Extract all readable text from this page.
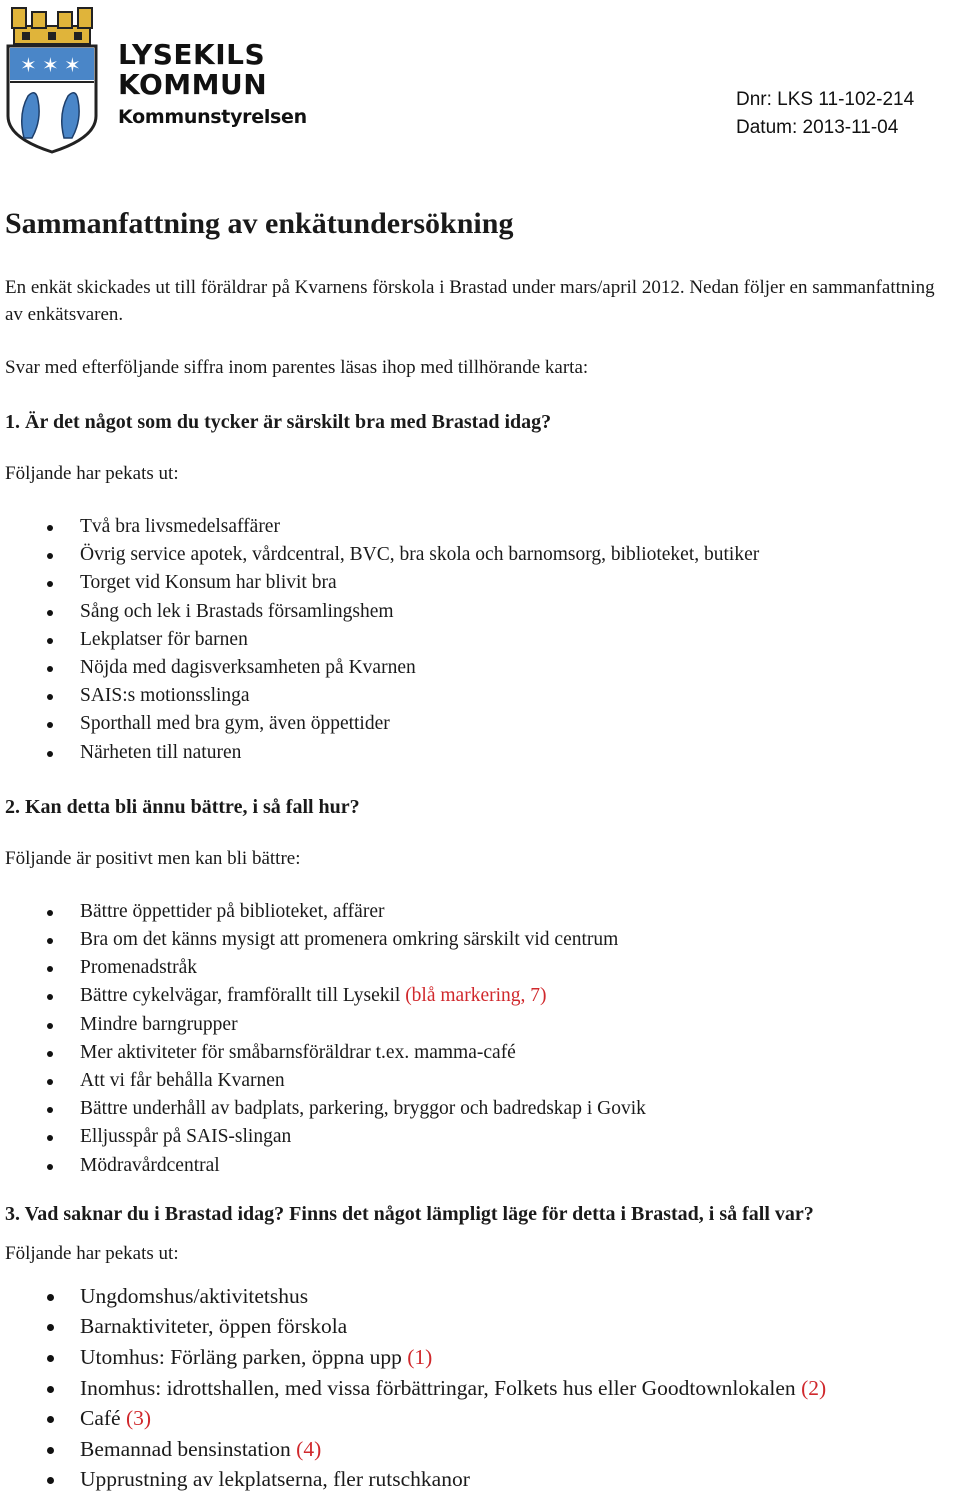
✶ ✶ ✶ LYSEKILS
KOMMUN
Kommunstyrelsen
Dnr: LKS 11-102-214
Datum: 2013-11-04
Sammanfattning av enkätundersökning

En enkät skickades ut till föräldrar på Kvarnens förskola i Brastad under mars/april 2012. Nedan följer en sammanfattning av enkätsvaren.

Svar med efterföljande siffra inom parentes läsas ihop med tillhörande karta:

1. Är det något som du tycker är särskilt bra med Brastad idag?

Följande har pekats ut:

Två bra livsmedelsaffärer
Övrig service apotek, vårdcentral, BVC, bra skola och barnomsorg, biblioteket, butiker
Torget vid Konsum har blivit bra
Sång och lek i Brastads församlingshem
Lekplatser för barnen
Nöjda med dagisverksamheten på Kvarnen
SAIS:s motionsslinga
Sporthall med bra gym, även öppettider
Närheten till naturen

2. Kan detta bli ännu bättre, i så fall hur?

Följande är positivt men kan bli bättre:

Bättre öppettider på biblioteket, affärer
Bra om det känns mysigt att promenera omkring särskilt vid centrum
Promenadstråk
Bättre cykelvägar, framförallt till Lysekil (blå markering, 7)
Mindre barngrupper
Mer aktiviteter för småbarnsföräldrar t.ex. mamma-café
Att vi får behålla Kvarnen
Bättre underhåll av badplats, parkering, bryggor och badredskap i Govik
Elljusspår på SAIS-slingan
Mödravårdcentral

3. Vad saknar du i Brastad idag? Finns det något lämpligt läge för detta i Brastad, i så fall var?

Följande har pekats ut:

Ungdomshus/aktivitetshus
Barnaktiviteter, öppen förskola
Utomhus: Förläng parken, öppna upp (1)
Inomhus: idrottshallen, med vissa förbättringar, Folkets hus eller Goodtownlokalen (2)
Café (3)
Bemannad bensinstation (4)
Upprustning av lekplatserna, fler rutschkanor
